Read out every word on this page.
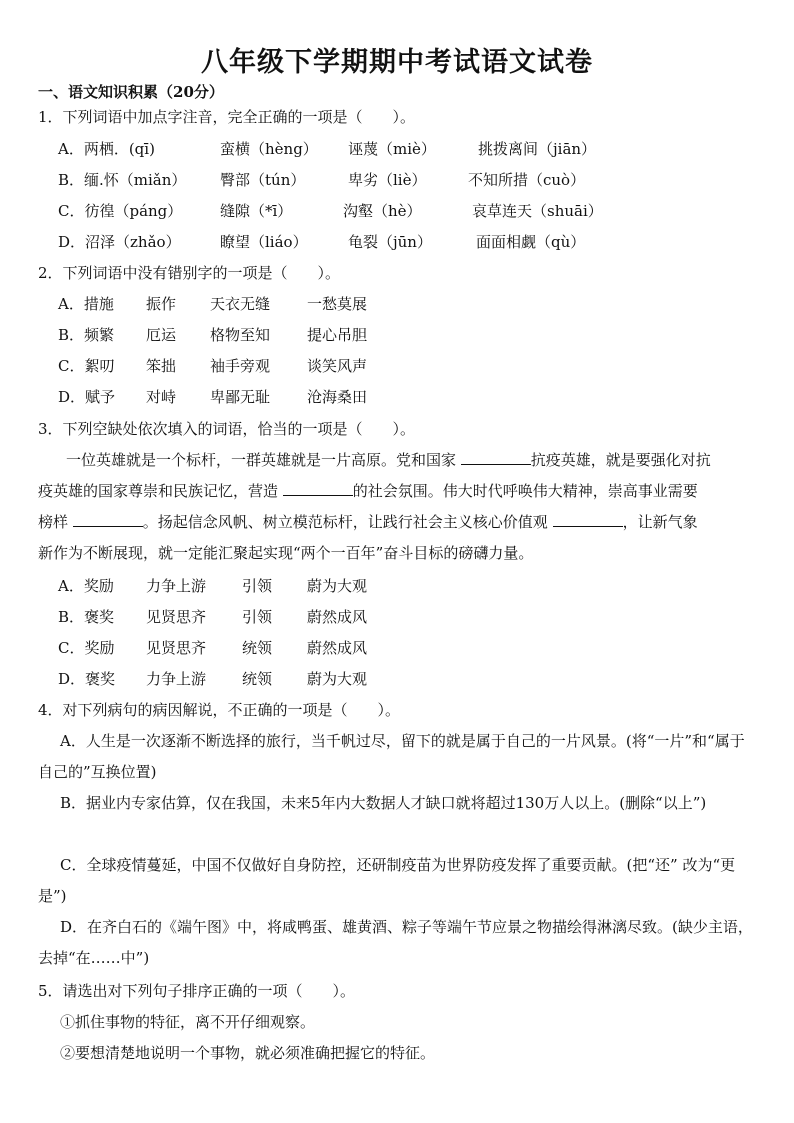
八年级下学期期中考试语文试卷
一、语文知识积累（20分）
1．下列词语中加点字注音，完全正确的一项是（　　）。
A．两栖．(qī)	蛮横（hèng） 诬蔑（miè）	挑拨离间（jiān）
B．缅.怀（miǎn） 臀部（tún）	卑劣（liè）	不知所措（cuò）
C．彷徨（páng）	缝隙（*ī）	沟壑（hè）	哀草连天（shuāi）
D．沼泽（zhǎo）	瞭望（liáo）	龟裂（jūn）	面面相觑（qù）
2．下列词语中没有错别字的一项是（　　）。
A．措施 振作 天衣无缝 一愁莫展
B．频繁 厄运 格物至知 提心吊胆
C．絮叨 笨拙 袖手旁观 谈笑风声
D．赋予 对峙 卑鄙无耻 沧海桑田
3．下列空缺处依次填入的词语，恰当的一项是（　　）。
一位英雄就是一个标杆，一群英雄就是一片高原。党和国家	抗疫英雄，就是要强化对抗
疫英雄的国家尊崇和民族记忆，营造	的社会氛围。伟大时代呼唤伟大精神，崇高事业需要
榜样	。扬起信念风帆、树立模范标杆，让践行社会主义核心价值观	，让新气象
新作为不断展现，就一定能汇聚起实现“两个一百年”奋斗目标的磅礴力量。
A．奖励 力争上游 引领 蔚为大观
B．褒奖 见贤思齐 引领 蔚然成风
C．奖励 见贤思齐 统领 蔚然成风
D．褒奖 力争上游 统领 蔚为大观
4．对下列病句的病因解说，不正确的一项是（　　）。
A．人生是一次逐渐不断选择的旅行，当千帆过尽，留下的就是属于自己的一片风景。(将“一片”和“属于自己的”互换位置)
B．据业内专家估算，仅在我国，未来5年内大数据人才缺口就将超过130万人以上。(删除“以上”)
C．全球疫情蔓延，中国不仅做好自身防控，还研制疫苗为世界防疫发挥了重要贡献。(把“还” 改为“更是”)
D．在齐白石的《端午图》中，将咸鸭蛋、雄黄酒、粽子等端午节应景之物描绘得淋漓尽致。(缺少主语，去掉“在……中”)
5．请选出对下列句子排序正确的一项（　　）。
①抓住事物的特征，离不开仔细观察。
②要想清楚地说明一个事物，就必须准确把握它的特征。
